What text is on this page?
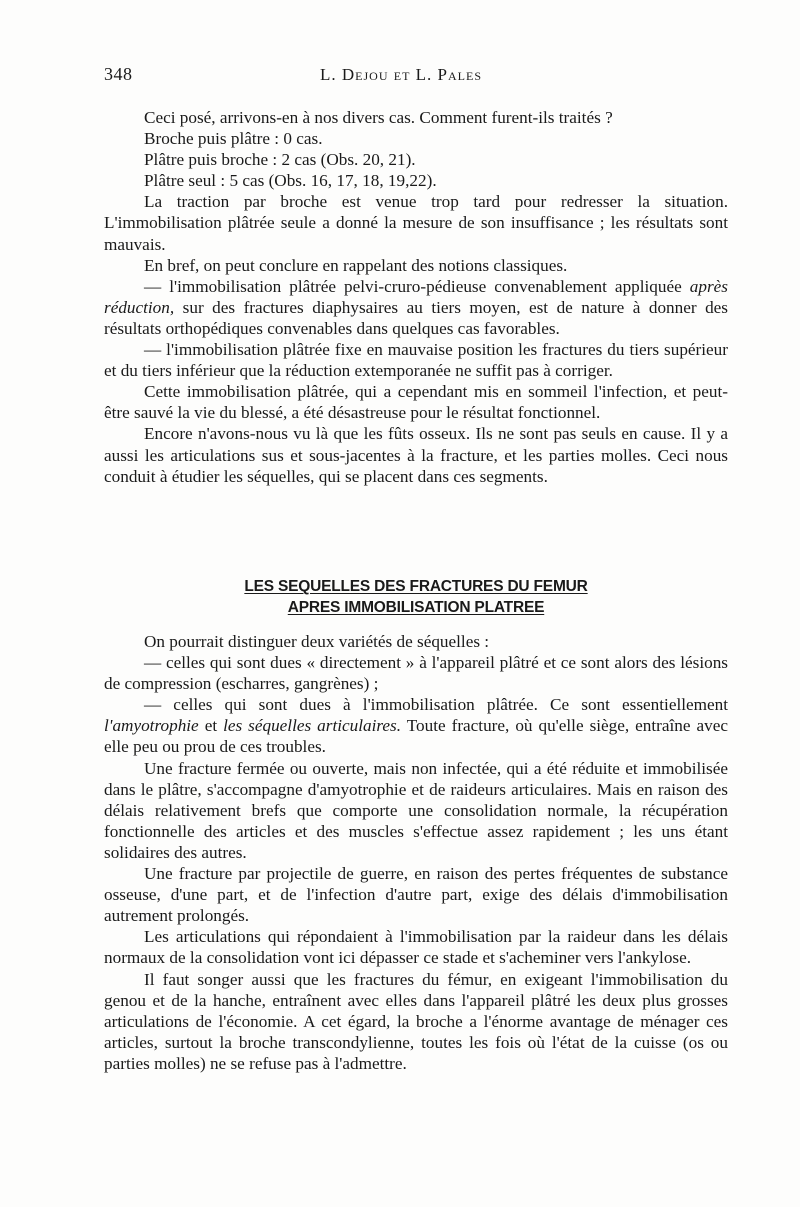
348	L. Dejou et L. Pales

Ceci posé, arrivons-en à nos divers cas. Comment furent-ils traités ?

Broche puis plâtre : 0 cas.

Plâtre puis broche : 2 cas (Obs. 20, 21).

Plâtre seul : 5 cas (Obs. 16, 17, 18, 19,22).

La traction par broche est venue trop tard pour redresser la situation. L'immobilisation plâtrée seule a donné la mesure de son insuffisance ; les résultats sont mauvais.

En bref, on peut conclure en rappelant des notions classiques.

— l'immobilisation plâtrée pelvi-cruro-pédieuse convenablement appliquée après réduction, sur des fractures diaphysaires au tiers moyen, est de nature à donner des résultats orthopédiques convenables dans quelques cas favorables.

— l'immobilisation plâtrée fixe en mauvaise position les fractures du tiers supérieur et du tiers inférieur que la réduction extemporanée ne suffit pas à corriger.

Cette immobilisation plâtrée, qui a cependant mis en sommeil l'infection, et peut-être sauvé la vie du blessé, a été désastreuse pour le résultat fonctionnel.

Encore n'avons-nous vu là que les fûts osseux. Ils ne sont pas seuls en cause. Il y a aussi les articulations sus et sous-jacentes à la fracture, et les parties molles. Ceci nous conduit à étudier les séquelles, qui se placent dans ces segments.

LES SEQUELLES DES FRACTURES DU FEMUR
APRES IMMOBILISATION PLATREE

On pourrait distinguer deux variétés de séquelles :

— celles qui sont dues « directement » à l'appareil plâtré et ce sont alors des lésions de compression (escharres, gangrènes) ;

— celles qui sont dues à l'immobilisation plâtrée. Ce sont essentiellement l'amyotrophie et les séquelles articulaires. Toute fracture, où qu'elle siège, entraîne avec elle peu ou prou de ces troubles.

Une fracture fermée ou ouverte, mais non infectée, qui a été réduite et immobilisée dans le plâtre, s'accompagne d'amyotrophie et de raideurs articulaires. Mais en raison des délais relativement brefs que comporte une consolidation normale, la récupération fonctionnelle des articles et des muscles s'effectue assez rapidement ; les uns étant solidaires des autres.

Une fracture par projectile de guerre, en raison des pertes fréquentes de substance osseuse, d'une part, et de l'infection d'autre part, exige des délais d'immobilisation autrement prolongés.

Les articulations qui répondaient à l'immobilisation par la raideur dans les délais normaux de la consolidation vont ici dépasser ce stade et s'acheminer vers l'ankylose.

Il faut songer aussi que les fractures du fémur, en exigeant l'immobilisation du genou et de la hanche, entraînent avec elles dans l'appareil plâtré les deux plus grosses articulations de l'économie. A cet égard, la broche a l'énorme avantage de ménager ces articles, surtout la broche transcondylienne, toutes les fois où l'état de la cuisse (os ou parties molles) ne se refuse pas à l'admettre.
